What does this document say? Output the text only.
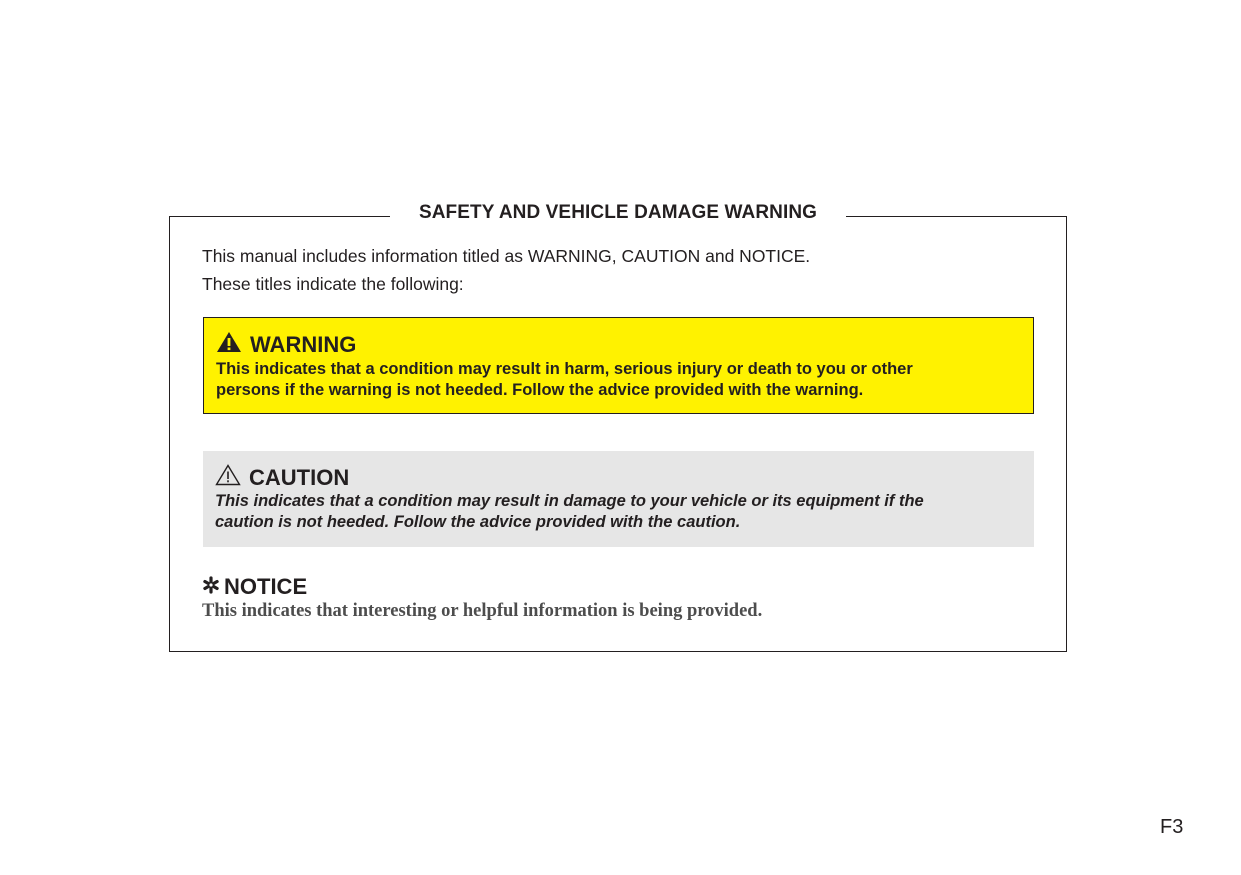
SAFETY AND VEHICLE DAMAGE WARNING
This manual includes information titled as WARNING, CAUTION and NOTICE.
These titles indicate the following:
WARNING
This indicates that a condition may result in harm, serious injury or death to you or other
persons if the warning is not heeded. Follow the advice provided with the warning.
CAUTION
This indicates that a condition may result in damage to your vehicle or its equipment if the
caution is not heeded. Follow the advice provided with the caution.
NOTICE
This indicates that interesting or helpful information is being provided.
F3
